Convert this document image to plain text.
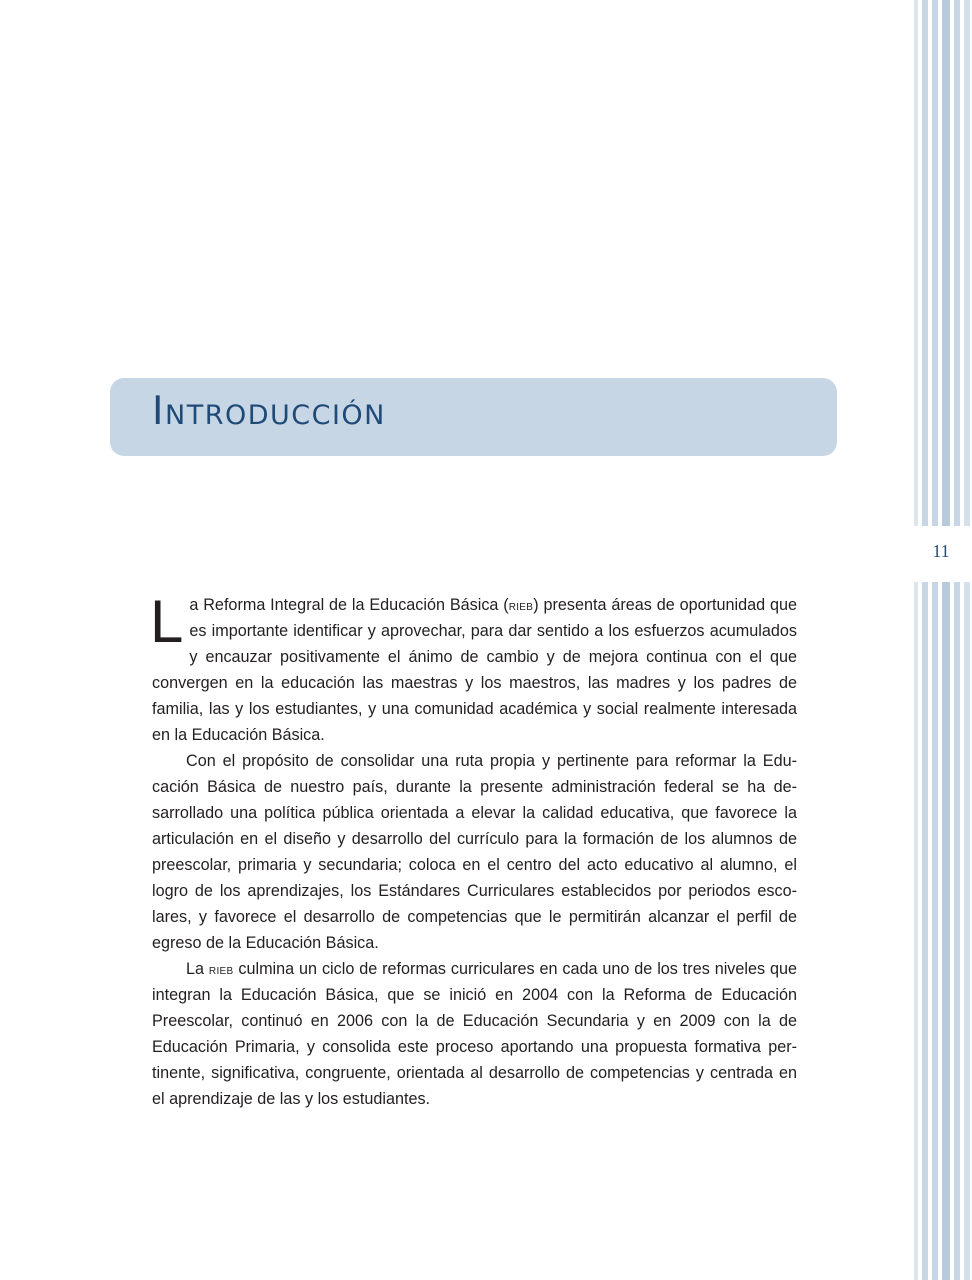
11
Introducción

La Reforma Integral de la Educación Básica (rieb) presenta áreas de oportunidad que es importante identificar y aprovechar, para dar sentido a los esfuerzos acumulados y encauzar positivamente el ánimo de cambio y de mejora continua con el que convergen en la educación las maestras y los maestros, las madres y los padres de familia, las y los estudiantes, y una comunidad académica y social realmente interesada en la Educación Básica.

Con el propósito de consolidar una ruta propia y pertinente para reformar la Educación Básica de nuestro país, durante la presente administración federal se ha desarrollado una política pública orientada a elevar la calidad educativa, que favorece la articulación en el diseño y desarrollo del currículo para la formación de los alumnos de preescolar, primaria y secundaria; coloca en el centro del acto educativo al alumno, el logro de los aprendizajes, los Estándares Curriculares establecidos por periodos escolares, y favorece el desarrollo de competencias que le permitirán alcanzar el perfil de egreso de la Educación Básica.

La rieb culmina un ciclo de reformas curriculares en cada uno de los tres niveles que integran la Educación Básica, que se inició en 2004 con la Reforma de Educación Preescolar, continuó en 2006 con la de Educación Secundaria y en 2009 con la de Educación Primaria, y consolida este proceso aportando una propuesta formativa pertinente, significativa, congruente, orientada al desarrollo de competencias y centrada en el aprendizaje de las y los estudiantes.
